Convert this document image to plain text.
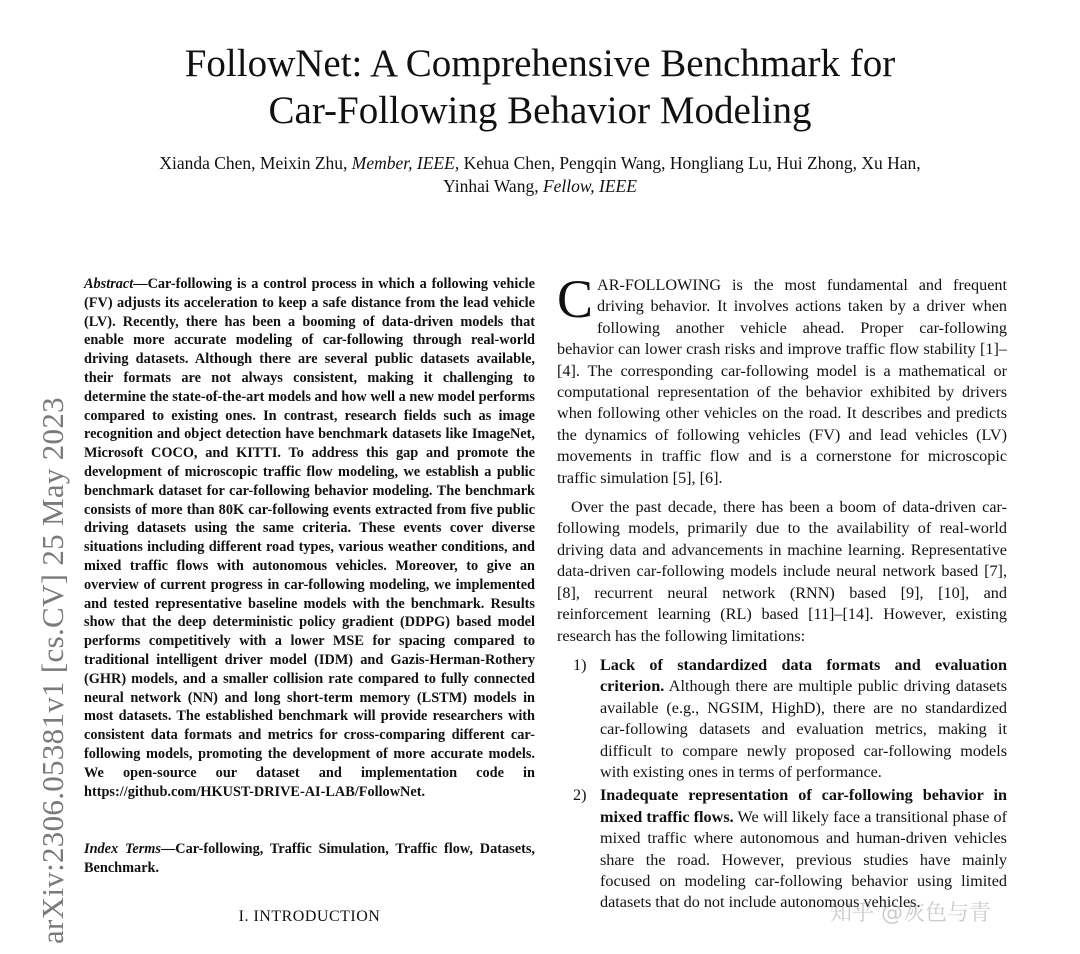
FollowNet: A Comprehensive Benchmark for
Car-Following Behavior Modeling
Xianda Chen, Meixin Zhu, Member, IEEE, Kehua Chen, Pengqin Wang, Hongliang Lu, Hui Zhong, Xu Han,
Yinhai Wang, Fellow, IEEE
arXiv:2306.05381v1 [cs.CV] 25 May 2023
Abstract—Car-following is a control process in which a following vehicle (FV) adjusts its acceleration to keep a safe distance from the lead vehicle (LV). Recently, there has been a booming of data-driven models that enable more accurate modeling of car-following through real-world driving datasets. Although there are several public datasets available, their formats are not always consistent, making it challenging to determine the state-of-the-art models and how well a new model performs compared to existing ones. In contrast, research fields such as image recognition and object detection have benchmark datasets like ImageNet, Microsoft COCO, and KITTI. To address this gap and promote the development of microscopic traffic flow modeling, we establish a public benchmark dataset for car-following behavior modeling. The benchmark consists of more than 80K car-following events extracted from five public driving datasets using the same criteria. These events cover diverse situations including different road types, various weather conditions, and mixed traffic flows with autonomous vehicles. Moreover, to give an overview of current progress in car-following modeling, we implemented and tested representative baseline models with the benchmark. Results show that the deep deterministic policy gradient (DDPG) based model performs competitively with a lower MSE for spacing compared to traditional intelligent driver model (IDM) and Gazis-Herman-Rothery (GHR) models, and a smaller collision rate compared to fully connected neural network (NN) and long short-term memory (LSTM) models in most datasets. The established benchmark will provide researchers with consistent data formats and metrics for cross-comparing different car-following models, promoting the development of more accurate models. We open-source our dataset and implementation code in https://github.com/HKUST-DRIVE-AI-LAB/FollowNet.
Index Terms—Car-following, Traffic Simulation, Traffic flow, Datasets, Benchmark.
I. INTRODUCTION

CAR-FOLLOWING is the most fundamental and frequent driving behavior. It involves actions taken by a driver when following another vehicle ahead. Proper car-following behavior can lower crash risks and improve traffic flow stability [1]–[4]. The corresponding car-following model is a mathematical or computational representation of the behavior exhibited by drivers when following other vehicles on the road. It describes and predicts the dynamics of following vehicles (FV) and lead vehicles (LV) movements in traffic flow and is a cornerstone for microscopic traffic simulation [5], [6].

Over the past decade, there has been a boom of data-driven car-following models, primarily due to the availability of real-world driving data and advancements in machine learning. Representative data-driven car-following models include neural network based [7], [8], recurrent neural network (RNN) based [9], [10], and reinforcement learning (RL) based [11]–[14]. However, existing research has the following limitations:

1) Lack of standardized data formats and evaluation criterion. Although there are multiple public driving datasets available (e.g., NGSIM, HighD), there are no standardized car-following datasets and evaluation metrics, making it difficult to compare newly proposed car-following models with existing ones in terms of performance.
2) Inadequate representation of car-following behavior in mixed traffic flows. We will likely face a transitional phase of mixed traffic where autonomous and human-driven vehicles share the road. However, previous studies have mainly focused on modeling car-following behavior using limited datasets that do not include autonomous vehicles.
知乎 @灰色与青
